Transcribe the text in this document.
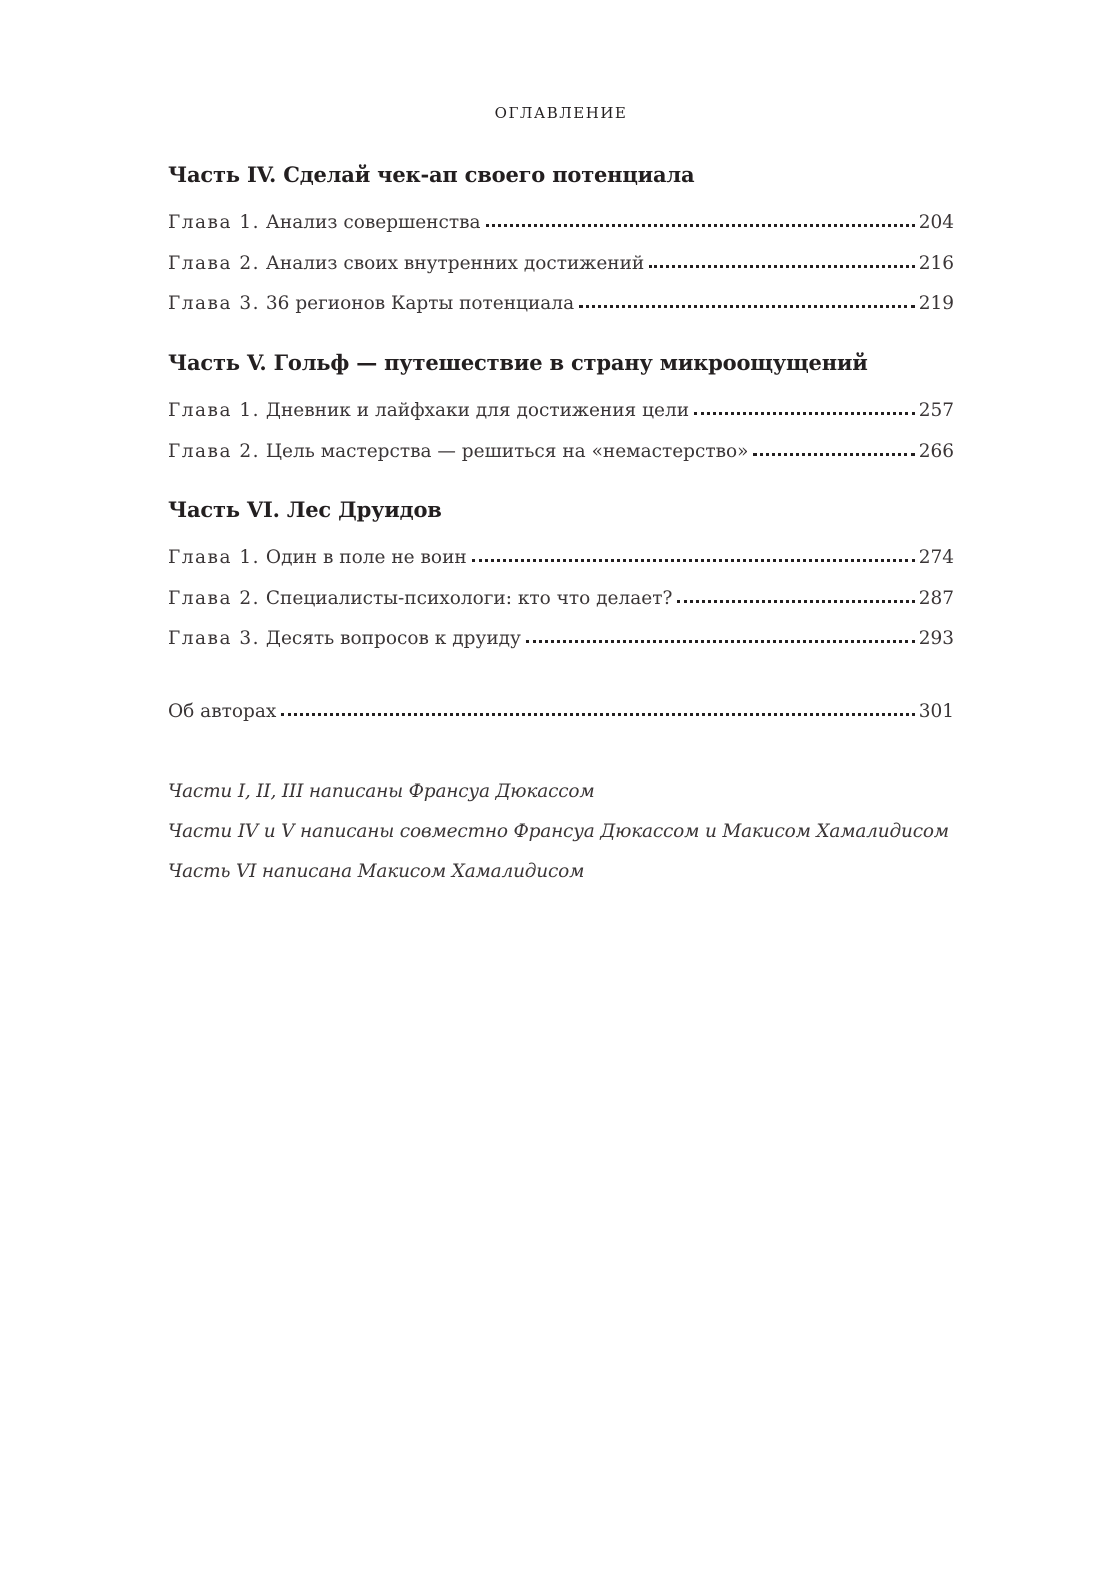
ОГЛАВЛЕНИЕ
Часть IV. Сделай чек-ап своего потенциала
Глава 1. Анализ совершенства	204
Глава 2. Анализ своих внутренних достижений	216
Глава 3. 36 регионов Карты потенциала	219
Часть V. Гольф — путешествие в страну микроощущений
Глава 1. Дневник и лайфхаки для достижения цели	257
Глава 2. Цель мастерства — решиться на «немастерство»	266
Часть VI. Лес Друидов
Глава 1. Один в поле не воин	274
Глава 2. Специалисты-психологи: кто что делает?	287
Глава 3. Десять вопросов к друиду	293
Об авторах	301
Части I, II, III написаны Франсуа Дюкассом
Части IV и V написаны совместно Франсуа Дюкассом и Макисом Хамалидисом
Часть VI написана Макисом Хамалидисом
